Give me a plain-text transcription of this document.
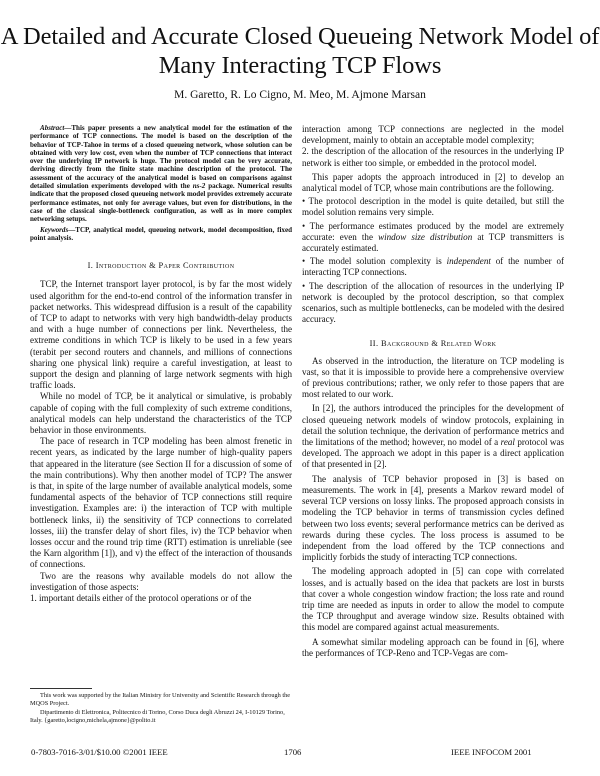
A Detailed and Accurate Closed Queueing Network Model of Many Interacting TCP Flows
M. Garetto, R. Lo Cigno, M. Meo, M. Ajmone Marsan

Abstract—This paper presents a new analytical model for the estimation of the performance of TCP connections. The model is based on the description of the behavior of TCP-Tahoe in terms of a closed queueing network, whose solution can be obtained with very low cost, even when the number of TCP connections that interact over the underlying IP network is huge. The protocol model can be very accurate, deriving directly from the finite state machine description of the protocol. The assessment of the accuracy of the analytical model is based on comparisons against detailed simulation experiments developed with the ns-2 package. Numerical results indicate that the proposed closed queueing network model provides extremely accurate performance estimates, not only for average values, but even for distributions, in the case of the classical single-bottleneck configuration, as well as in more complex networking setups.

Keywords—TCP, analytical model, queueing network, model decomposition, fixed point analysis.

I. Introduction & Paper Contribution

TCP, the Internet transport layer protocol, is by far the most widely used algorithm for the end-to-end control of the information transfer in packet networks. This widespread diffusion is a result of the capability of TCP to adapt to networks with very high bandwidth-delay products and with a huge number of connections per link. Nevertheless, the extreme conditions in which TCP is likely to be used in a few years (terabit per second routers and channels, and millions of connections sharing one physical link) require a careful investigation, at least to support the design and planning of large network segments with high traffic loads.

While no model of TCP, be it analytical or simulative, is probably capable of coping with the full complexity of such extreme conditions, analytical models can help understand the characteristics of the TCP behavior in those environments.

The pace of research in TCP modeling has been almost frenetic in recent years, as indicated by the large number of high-quality papers that appeared in the literature (see Section II for a discussion of some of the main contributions). Why then another model of TCP? The answer is that, in spite of the large number of available analytical models, some fundamental aspects of the behavior of TCP connections still require investigation. Examples are: i) the interaction of TCP with multiple bottleneck links, ii) the sensitivity of TCP connections to correlated losses, iii) the transfer delay of short files, iv) the TCP behavior when losses occur and the round trip time (RTT) estimation is unreliable (see the Karn algorithm [1]), and v) the effect of the interaction of thousands of connections.

Two are the reasons why available models do not allow the investigation of those aspects:

1. important details either of the protocol operations or of the

This work was supported by the Italian Ministry for University and Scientific Research through the MQOS Project.

Dipartimento di Elettronica, Politecnico di Torino, Corso Duca degli Abruzzi 24, I-10129 Torino, Italy. {garetto,locigno,michela,ajmone}@polito.it

interaction among TCP connections are neglected in the model development, mainly to obtain an acceptable model complexity;

2. the description of the allocation of the resources in the underlying IP network is either too simple, or embedded in the protocol model.

This paper adopts the approach introduced in [2] to develop an analytical model of TCP, whose main contributions are the following.

• The protocol description in the model is quite detailed, but still the model solution remains very simple.

• The performance estimates produced by the model are extremely accurate: even the window size distribution at TCP transmitters is accurately estimated.

• The model solution complexity is independent of the number of interacting TCP connections.

• The description of the allocation of resources in the underlying IP network is decoupled by the protocol description, so that complex scenarios, such as multiple bottlenecks, can be modeled with the desired accuracy.

II. Background & Related Work

As observed in the introduction, the literature on TCP modeling is vast, so that it is impossible to provide here a comprehensive overview of previous contributions; rather, we only refer to those papers that are most related to our work.

In [2], the authors introduced the principles for the development of closed queueing network models of window protocols, explaining in detail the solution technique, the derivation of performance metrics and the limitations of the method; however, no model of a real protocol was developed. The approach we adopt in this paper is a direct application of that presented in [2].

The analysis of TCP behavior proposed in [3] is based on measurements. The work in [4], presents a Markov reward model of several TCP versions on lossy links. The proposed approach consists in modeling the TCP behavior in terms of transmission cycles defined between two loss events; several performance metrics can be derived as rewards during these cycles. The loss process is assumed to be independent from the load offered by the TCP connections and implicitly forbids the study of interacting TCP connections.

The modeling approach adopted in [5] can cope with correlated losses, and is actually based on the idea that packets are lost in bursts that cover a whole congestion window fraction; the loss rate and round trip time are needed as inputs in order to allow the model to compute the TCP throughput and average window size. Results obtained with this model are compared against actual measurements.

A somewhat similar modeling approach can be found in [6], where the performances of TCP-Reno and TCP-Vegas are com-

0-7803-7016-3/01/$10.00 ©2001 IEEE	1706	IEEE INFOCOM 2001
